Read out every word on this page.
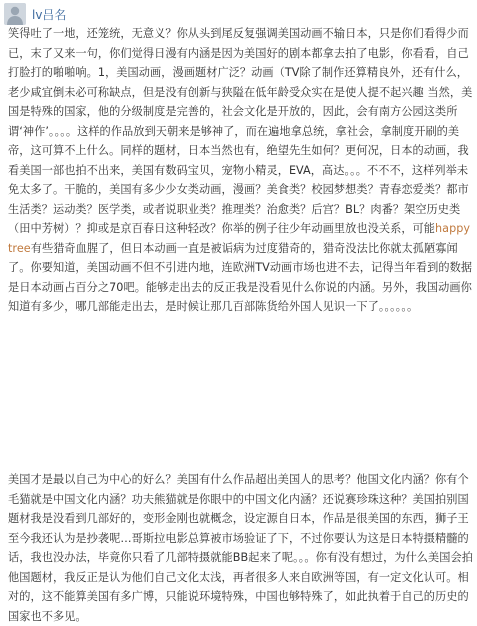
lv吕名
笑得吐了一地，还笼统，无意义？你从头到尾反复强调美国动画不输日本，只是你们看得少而已，末了又来一句，你们觉得日漫有内涵是因为美国好的剧本都拿去拍了电影，你看看，自己打脸打的啪啪响。1，美国动画，漫画题材广泛？动画（TV除了制作还算精良外，还有什么，老少咸宜倒未必可称缺点，但是没有创新与狭隘在低年龄受众实在是使人提不起兴趣 当然，美国是特殊的国家，他的分级制度是完善的，社会文化是开放的，因此，会有南方公园这类所谓‘神作’。。。。这样的作品放到天朝来是够神了，而在遍地拿总统，拿社会，拿制度开刷的美帝，这可算不上什么。同样的题材，日本当然也有，绝望先生如何？更何况，日本的动画，我看美国一部也拍不出来，美国有数码宝贝，宠物小精灵，EVA，高达。。。不不不，这样列举未免太多了。干脆的，美国有多少少女类动画，漫画？美食类？校园梦想类？青春恋爱类？都市生活类？运动类？医学类，或者说职业类？推理类？治愈类？后宫？BL？肉番？架空历史类（田中芳树）？抑或是京百春日这种轻改？你举的例子往少年动画里放也没关系，可能happytree有些猎奇血腥了，但日本动画一直是被诟病为过度猎奇的，猎奇没法比你就太孤陋寡闻了。你要知道，美国动画不但不引进内地，连欧洲TV动画市场也进不去，记得当年看到的数据是日本动画占百分之70吧。能够走出去的反正我是没看见什么你说的内涵。另外，我国动画你知道有多少，哪几部能走出去，是时候让那几百部陈货给外国人见识一下了。。。。。。
美国才是最以自己为中心的好么？美国有什么作品超出美国人的思考？他国文化内涵？你有个毛猫就是中国文化内涵？功夫熊猫就是你眼中的中国文化内涵？还说赛珍珠这种？美国拍别国题材我是没看到几部好的，变形金刚也就概念，设定源自日本，作品是很美国的东西，狮子王至今我还认为是抄袭呢…哥斯拉电影总算被市场验证了下，不过你要认为这是日本特摄精髓的话，我也没办法，毕竟你只看了几部特摄就能BB起来了呢。。。你有没有想过，为什么美国会拍他国题材，我反正是认为他们自己文化太浅，再者很多人来自欧洲等国，有一定文化认可。相对的，这不能算美国有多广博，只能说环境特殊，中国也够特殊了，如此执着于自己的历史的国家也不多见。
